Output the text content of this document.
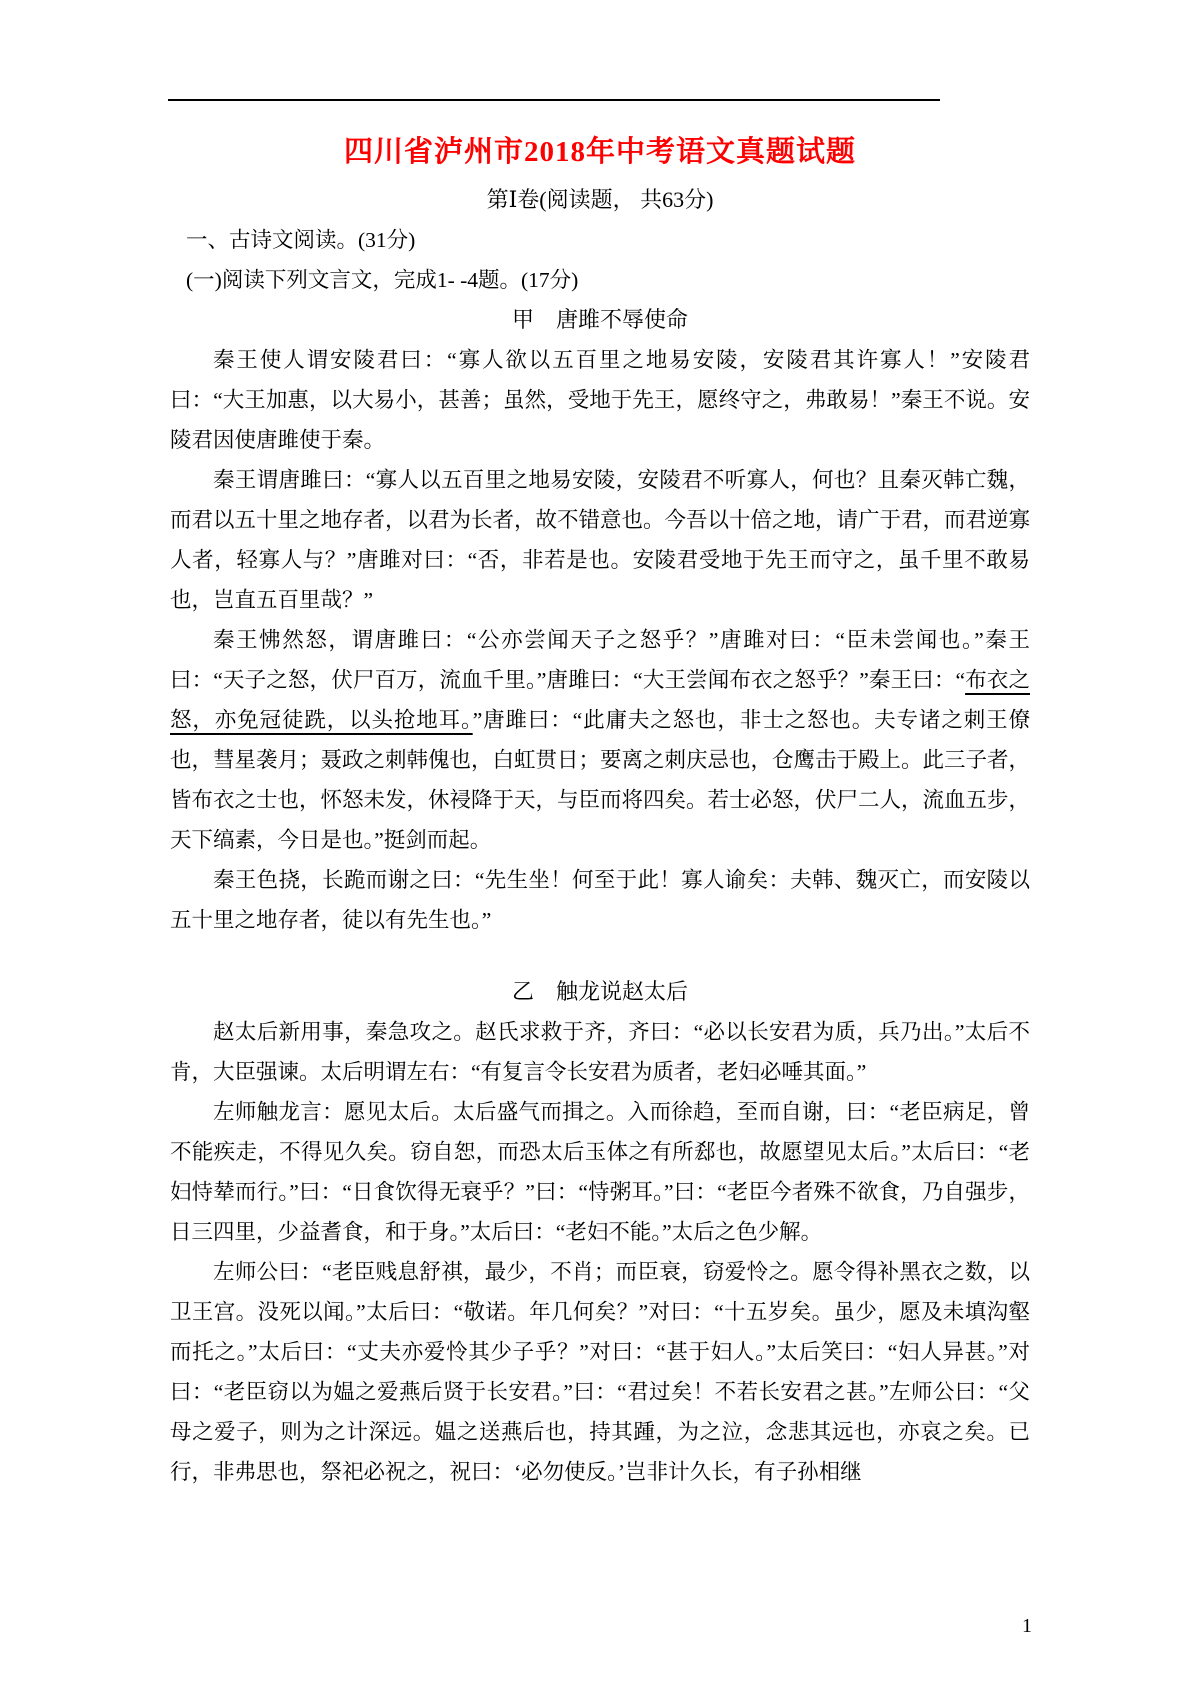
四川省泸州市2018年中考语文真题试题
第Ⅰ卷(阅读题， 共63分)
一、古诗文阅读。(31分)
(一)阅读下列文言文，完成1- -4题。(17分)
甲　唐雎不辱使命

秦王使人谓安陵君曰：“寡人欲以五百里之地易安陵，安陵君其许寡人！”安陵君曰：“大王加惠，以大易小，甚善；虽然，受地于先王，愿终守之，弗敢易！”秦王不说。安陵君因使唐雎使于秦。

秦王谓唐雎曰：“寡人以五百里之地易安陵，安陵君不听寡人，何也？且秦灭韩亡魏，而君以五十里之地存者，以君为长者，故不错意也。今吾以十倍之地，请广于君，而君逆寡人者，轻寡人与？”唐雎对曰：“否，非若是也。安陵君受地于先王而守之，虽千里不敢易也，岂直五百里哉？”

秦王怫然怒，谓唐雎曰：“公亦尝闻天子之怒乎？”唐雎对曰：“臣未尝闻也。”秦王曰：“天子之怒，伏尸百万，流血千里。”唐雎曰：“大王尝闻布衣之怒乎？”秦王曰：“布衣之怒，亦免冠徒跣，以头抢地耳。”唐雎曰：“此庸夫之怒也，非士之怒也。夫专诸之刺王僚也，彗星袭月；聂政之刺韩傀也，白虹贯日；要离之刺庆忌也，仓鹰击于殿上。此三子者，皆布衣之士也，怀怒未发，休祲降于天，与臣而将四矣。若士必怒，伏尸二人，流血五步，天下缟素，今日是也。”挺剑而起。

秦王色挠，长跪而谢之曰：“先生坐！何至于此！寡人谕矣：夫韩、魏灭亡，而安陵以五十里之地存者，徒以有先生也。”

乙　触龙说赵太后

赵太后新用事，秦急攻之。赵氏求救于齐，齐曰：“必以长安君为质，兵乃出。”太后不肯，大臣强谏。太后明谓左右：“有复言令长安君为质者，老妇必唾其面。”

左师触龙言：愿见太后。太后盛气而揖之。入而徐趋，至而自谢，曰：“老臣病足，曾不能疾走，不得见久矣。窃自恕，而恐太后玉体之有所郄也，故愿望见太后。”太后曰：“老妇恃辇而行。”曰：“日食饮得无衰乎？”曰：“恃粥耳。”曰：“老臣今者殊不欲食，乃自强步，日三四里，少益耆食，和于身。”太后曰：“老妇不能。”太后之色少解。

左师公曰：“老臣贱息舒祺，最少，不肖；而臣衰，窃爱怜之。愿令得补黑衣之数，以卫王宫。没死以闻。”太后曰：“敬诺。年几何矣？”对曰：“十五岁矣。虽少，愿及未填沟壑而托之。”太后曰：“丈夫亦爱怜其少子乎？”对曰：“甚于妇人。”太后笑曰：“妇人异甚。”对曰：“老臣窃以为媪之爱燕后贤于长安君。”曰：“君过矣！不若长安君之甚。”左师公曰：“父母之爱子，则为之计深远。媪之送燕后也，持其踵，为之泣，念悲其远也，亦哀之矣。已行，非弗思也，祭祀必祝之，祝曰：‘必勿使反。’岂非计久长，有子孙相继

1
